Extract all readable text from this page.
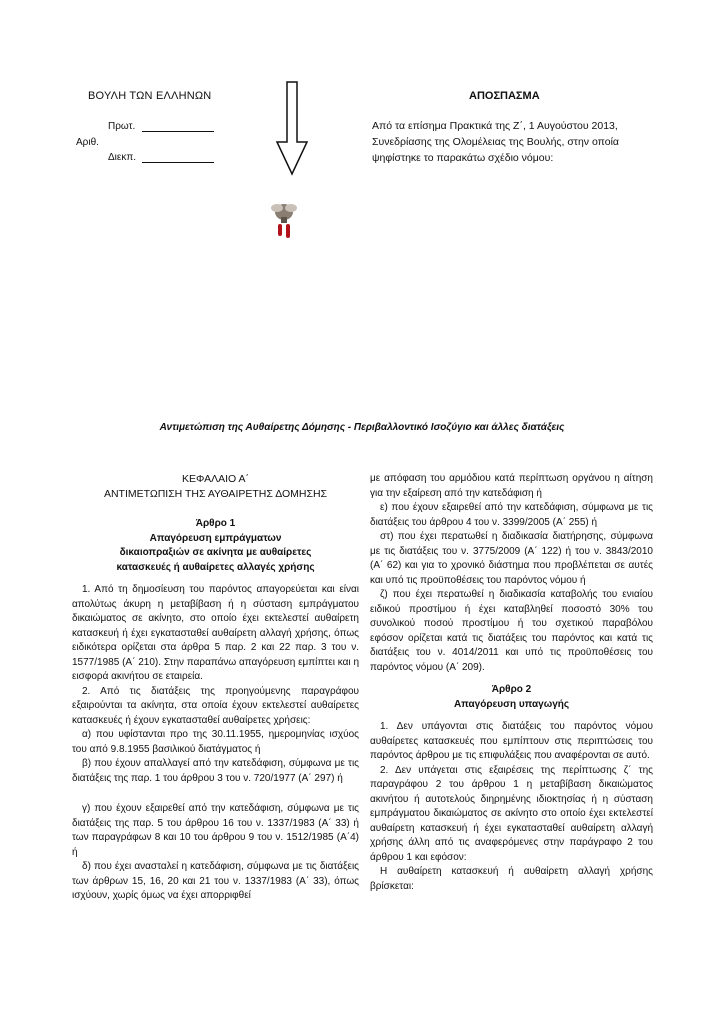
ΒΟΥΛΗ ΤΩΝ ΕΛΛΗΝΩΝ
Πρωτ.
Αριθ.
Διεκπ.
ΑΠΟΣΠΑΣΜΑ
Από τα επίσημα Πρακτικά της Ζ΄, 1 Αυγούστου 2013, Συνεδρίασης της Ολομέλειας της Βουλής, στην οποία ψηφίστηκε το παρακάτω σχέδιο νόμου:
Αντιμετώπιση της Αυθαίρετης Δόμησης - Περιβαλλοντικό Ισοζύγιο και άλλες διατάξεις

ΚΕΦΑΛΑΙΟ Α΄

ΑΝΤΙΜΕΤΩΠΙΣΗ ΤΗΣ ΑΥΘΑΙΡΕΤΗΣ ΔΟΜΗΣΗΣ

Άρθρο 1

Απαγόρευση εμπράγματων δικαιοπραξιών σε ακίνητα με αυθαίρετες κατασκευές ή αυθαίρετες αλλαγές χρήσης

1. Από τη δημοσίευση του παρόντος απαγορεύεται και είναι απολύτως άκυρη η μεταβίβαση ή η σύσταση εμπράγματου δικαιώματος σε ακίνητο, στο οποίο έχει εκτελεστεί αυθαίρετη κατασκευή ή έχει εγκατασταθεί αυθαίρετη αλλαγή χρήσης, όπως ειδικότερα ορίζεται στα άρθρα 5 παρ. 2 και 22 παρ. 3 του ν. 1577/1985 (Α΄ 210). Στην παραπάνω απαγόρευση εμπίπτει και η εισφορά ακινήτου σε εταιρεία.

2. Από τις διατάξεις της προηγούμενης παραγράφου εξαιρούνται τα ακίνητα, στα οποία έχουν εκτελεστεί αυθαίρετες κατασκευές ή έχουν εγκατασταθεί αυθαίρετες χρήσεις:

α) που υφίστανται προ της 30.11.1955, ημερομηνίας ισχύος του από 9.8.1955 βασιλικού διατάγματος ή

β) που έχουν απαλλαγεί από την κατεδάφιση, σύμφωνα με τις διατάξεις της παρ. 1 του άρθρου 3 του ν. 720/1977 (Α΄ 297) ή

γ) που έχουν εξαιρεθεί από την κατεδάφιση, σύμφωνα με τις διατάξεις της παρ. 5 του άρθρου 16 του ν. 1337/1983 (Α΄ 33) ή των παραγράφων 8 και 10 του άρθρου 9 του ν. 1512/1985 (Α΄4) ή

δ) που έχει ανασταλεί η κατεδάφιση, σύμφωνα με τις διατάξεις των άρθρων 15, 16, 20 και 21 του ν. 1337/1983 (Α΄ 33), όπως ισχύουν, χωρίς όμως να έχει απορριφθεί

με απόφαση του αρμόδιου κατά περίπτωση οργάνου η αίτηση για την εξαίρεση από την κατεδάφιση ή

ε) που έχουν εξαιρεθεί από την κατεδάφιση, σύμφωνα με τις διατάξεις του άρθρου 4 του ν. 3399/2005 (Α΄ 255) ή

στ) που έχει περατωθεί η διαδικασία διατήρησης, σύμφωνα με τις διατάξεις του ν. 3775/2009 (Α΄ 122) ή του ν. 3843/2010 (Α΄ 62) και για το χρονικό διάστημα που προβλέπεται σε αυτές και υπό τις προϋποθέσεις του παρόντος νόμου ή

ζ) που έχει περατωθεί η διαδικασία καταβολής του ενιαίου ειδικού προστίμου ή έχει καταβληθεί ποσοστό 30% του συνολικού ποσού προστίμου ή του σχετικού παραβόλου εφόσον ορίζεται κατά τις διατάξεις του παρόντος και κατά τις διατάξεις του ν. 4014/2011 και υπό τις προϋποθέσεις του παρόντος νόμου (Α΄ 209).

Άρθρο 2

Απαγόρευση υπαγωγής

1. Δεν υπάγονται στις διατάξεις του παρόντος νόμου αυθαίρετες κατασκευές που εμπίπτουν στις περιπτώσεις του παρόντος άρθρου με τις επιφυλάξεις που αναφέρονται σε αυτό.

2. Δεν υπάγεται στις εξαιρέσεις της περίπτωσης ζ΄ της παραγράφου 2 του άρθρου 1 η μεταβίβαση δικαιώματος ακινήτου ή αυτοτελούς διηρημένης ιδιοκτησίας ή η σύσταση εμπράγματου δικαιώματος σε ακίνητο στο οποίο έχει εκτελεστεί αυθαίρετη κατασκευή ή έχει εγκατασταθεί αυθαίρετη αλλαγή χρήσης άλλη από τις αναφερόμενες στην παράγραφο 2 του άρθρου 1 και εφόσον:

Η αυθαίρετη κατασκευή ή αυθαίρετη αλλαγή χρήσης βρίσκεται:
